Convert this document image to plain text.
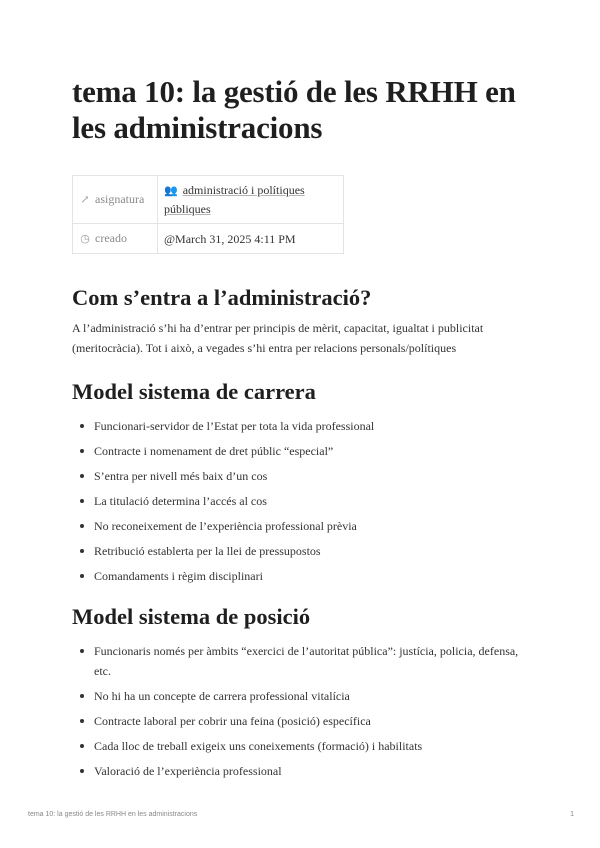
tema 10: la gestió de les RRHH en les administracions
↗ asignatura	👥 administració i polítiques públiques
◷ creado	@March 31, 2025 4:11 PM
Com s’entra a l’administració?

A l’administració s’hi ha d’entrar per principis de mèrit, capacitat, igualtat i publicitat (meritocràcia). Tot i això, a vegades s’hi entra per relacions personals/polítiques

Model sistema de carrera
Funcionari-servidor de l’Estat per tota la vida professional
Contracte i nomenament de dret públic “especial”
S’entra per nivell més baix d’un cos
La titulació determina l’accés al cos
No reconeixement de l’experiència professional prèvia
Retribució establerta per la llei de pressupostos
Comandaments i règim disciplinari
Model sistema de posició
Funcionaris només per àmbits “exercici de l’autoritat pública”: justícia, policia, defensa, etc.
No hi ha un concepte de carrera professional vitalícia
Contracte laboral per cobrir una feina (posició) específica
Cada lloc de treball exigeix uns coneixements (formació) i habilitats
Valoració de l’experiència professional
tema 10: la gestió de les RRHH en les administracions	1
